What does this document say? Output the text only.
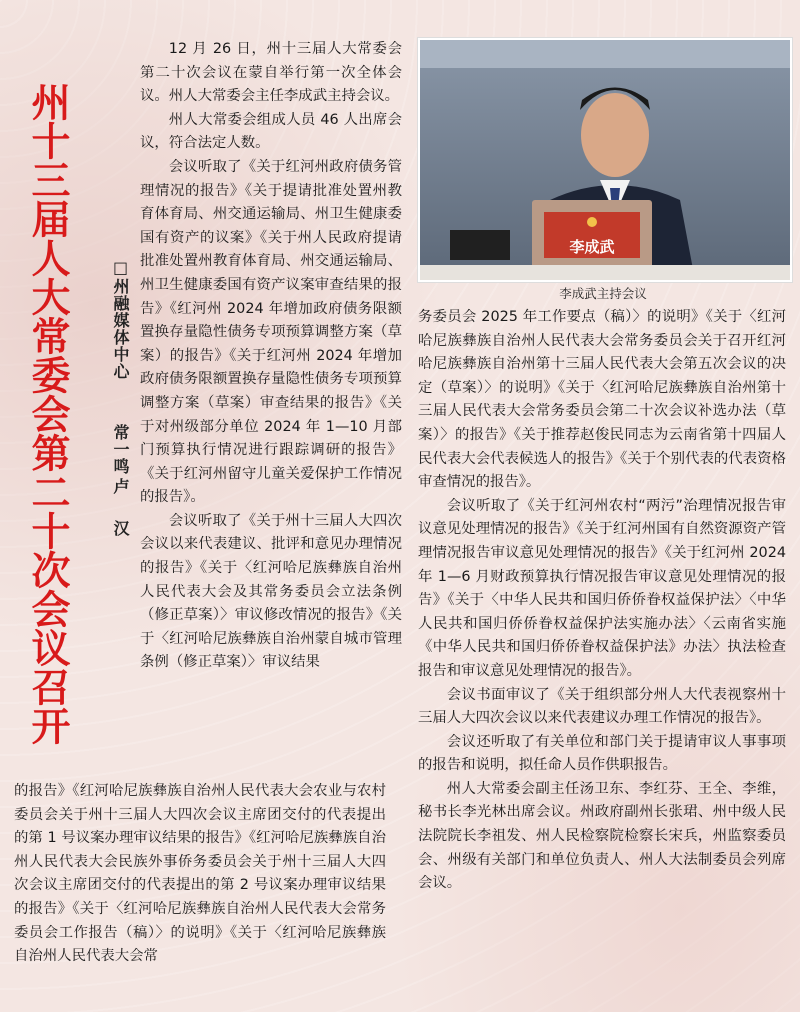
州十三届人大常委会第二十次会议召开	□州融媒体中心
常一鸣
卢
汉

12 月 26 日，州十三届人大常委会第二十次会议在蒙自举行第一次全体会议。州人大常委会主任李成武主持会议。

州人大常委会组成人员 46 人出席会议，符合法定人数。

会议听取了《关于红河州政府债务管理情况的报告》《关于提请批准处置州教育体育局、州交通运输局、州卫生健康委国有资产的议案》《关于州人民政府提请批准处置州教育体育局、州交通运输局、州卫生健康委国有资产议案审查结果的报告》《红河州 2024 年增加政府债务限额置换存量隐性债务专项预算调整方案（草案）的报告》《关于红河州 2024 年增加政府债务限额置换存量隐性债务专项预算调整方案（草案）审查结果的报告》《关于对州级部分单位 2024 年 1—10 月部门预算执行情况进行跟踪调研的报告》《关于红河州留守儿童关爱保护工作情况的报告》。

会议听取了《关于州十三届人大四次会议以来代表建议、批评和意见办理情况的报告》《关于〈红河哈尼族彝族自治州人民代表大会及其常务委员会立法条例（修正草案）〉审议修改情况的报告》《关于〈红河哈尼族彝族自治州蒙自城市管理条例（修正草案）〉审议结果

李成武
李成武主持会议

务委员会 2025 年工作要点（稿）〉的说明》《关于〈红河哈尼族彝族自治州人民代表大会常务委员会关于召开红河哈尼族彝族自治州第十三届人民代表大会第五次会议的决定（草案）〉的说明》《关于〈红河哈尼族彝族自治州第十三届人民代表大会常务委员会第二十次会议补选办法（草案）〉的报告》《关于推荐赵俊民同志为云南省第十四届人民代表大会代表候选人的报告》《关于个别代表的代表资格审查情况的报告》。

会议听取了《关于红河州农村“两污”治理情况报告审议意见处理情况的报告》《关于红河州国有自然资源资产管理情况报告审议意见处理情况的报告》《关于红河州 2024 年 1—6 月财政预算执行情况报告审议意见处理情况的报告》《关于〈中华人民共和国归侨侨眷权益保护法〉〈中华人民共和国归侨侨眷权益保护法实施办法〉〈云南省实施《中华人民共和国归侨侨眷权益保护法》办法〉执法检查报告和审议意见处理情况的报告》。

会议书面审议了《关于组织部分州人大代表视察州十三届人大四次会议以来代表建议办理工作情况的报告》。

会议还听取了有关单位和部门关于提请审议人事事项的报告和说明，拟任命人员作供职报告。

州人大常委会副主任汤卫东、李红芬、王全、李维，秘书长李光林出席会议。州政府副州长张珺、州中级人民法院院长李祖发、州人民检察院检察长宋兵，州监察委员会、州级有关部门和单位负责人、州人大法制委员会列席会议。

的报告》《红河哈尼族彝族自治州人民代表大会农业与农村委员会关于州十三届人大四次会议主席团交付的代表提出的第 1 号议案办理审议结果的报告》《红河哈尼族彝族自治州人民代表大会民族外事侨务委员会关于州十三届人大四次会议主席团交付的代表提出的第 2 号议案办理审议结果的报告》《关于〈红河哈尼族彝族自治州人民代表大会常务委员会工作报告（稿）〉的说明》《关于〈红河哈尼族彝族自治州人民代表大会常
